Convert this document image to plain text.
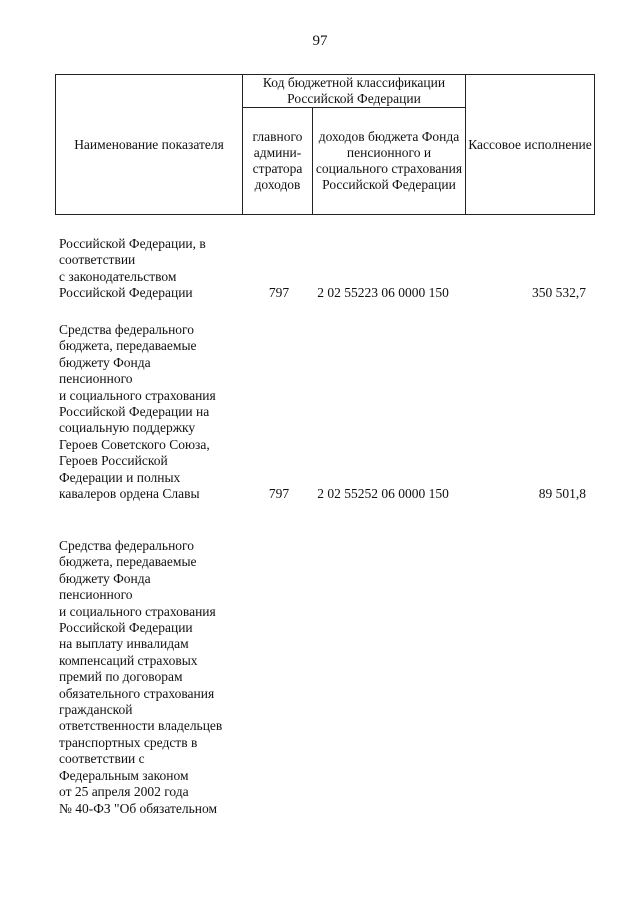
97
Наименование показателя	Код бюджетной классификации Российской Федерации		Кассовое исполнение
	главного админи-стратора доходов	доходов бюджета Фонда пенсионного и социального страхования Российской Федерации	
Российской Федерации, в
соответствии
с законодательством
Российской Федерации	797	2 02 55223 06 0000 150	350 532,7
Средства федерального
бюджета, передаваемые
бюджету Фонда
пенсионного
и социального страхования
Российской Федерации на
социальную поддержку
Героев Советского Союза,
Героев Российской
Федерации и полных
кавалеров ордена Славы	797	2 02 55252 06 0000 150	89 501,8
Средства федерального
бюджета, передаваемые
бюджету Фонда
пенсионного
и социального страхования
Российской Федерации
на выплату инвалидам
компенсаций страховых
премий по договорам
обязательного страхования
гражданской
ответственности владельцев
транспортных средств в
соответствии с
Федеральным законом
от 25 апреля 2002 года
№ 40-ФЗ "Об обязательном
